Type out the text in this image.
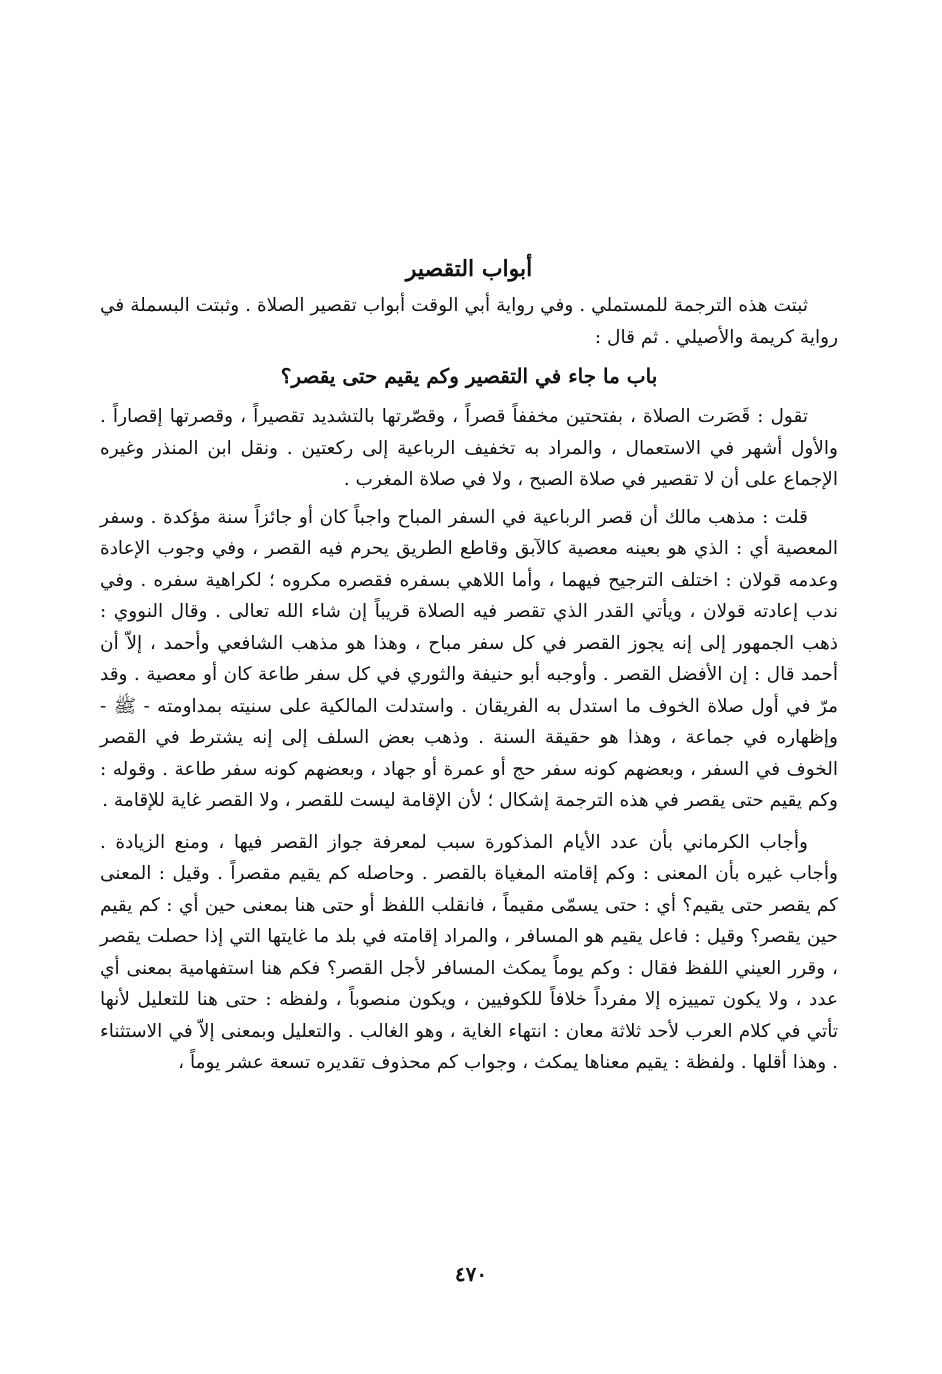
أبواب التقصير

ثبتت هذه الترجمة للمستملي . وفي رواية أبي الوقت أبواب تقصير الصلاة . وثبتت البسملة في رواية كريمة والأصيلي . ثم قال :

باب ما جاء في التقصير وكم يقيم حتى يقصر؟

تقول : قَصَرت الصلاة ، بفتحتين مخففاً قصراً ، وقصّرتها بالتشديد تقصيراً ، وقصرتها إقصاراً . والأول أشهر في الاستعمال ، والمراد به تخفيف الرباعية إلى ركعتين . ونقل ابن المنذر وغيره الإجماع على أن لا تقصير في صلاة الصبح ، ولا في صلاة المغرب .

قلت : مذهب مالك أن قصر الرباعية في السفر المباح واجباً كان أو جائزاً سنة مؤكدة . وسفر المعصية أي : الذي هو بعينه معصية كالآبق وقاطع الطريق يحرم فيه القصر ، وفي وجوب الإعادة وعدمه قولان : اختلف الترجيح فيهما ، وأما اللاهي بسفره فقصره مكروه ؛ لكراهية سفره . وفي ندب إعادته قولان ، ويأتي القدر الذي تقصر فيه الصلاة قريباً إن شاء الله تعالى . وقال النووي : ذهب الجمهور إلى إنه يجوز القصر في كل سفر مباح ، وهذا هو مذهب الشافعي وأحمد ، إلاّ أن أحمد قال : إن الأفضل القصر . وأوجبه أبو حنيفة والثوري في كل سفر طاعة كان أو معصية . وقد مرّ في أول صلاة الخوف ما استدل به الفريقان . واستدلت المالكية على سنيته بمداومته - ﷺ - وإظهاره في جماعة ، وهذا هو حقيقة السنة . وذهب بعض السلف إلى إنه يشترط في القصر الخوف في السفر ، وبعضهم كونه سفر حج أو عمرة أو جهاد ، وبعضهم كونه سفر طاعة . وقوله : وكم يقيم حتى يقصر في هذه الترجمة إشكال ؛ لأن الإقامة ليست للقصر ، ولا القصر غاية للإقامة .

وأجاب الكرماني بأن عدد الأيام المذكورة سبب لمعرفة جواز القصر فيها ، ومنع الزيادة . وأجاب غيره بأن المعنى : وكم إقامته المغياة بالقصر . وحاصله كم يقيم مقصراً . وقيل : المعنى كم يقصر حتى يقيم؟ أي : حتى يسمّى مقيماً ، فانقلب اللفظ أو حتى هنا بمعنى حين أي : كم يقيم حين يقصر؟ وقيل : فاعل يقيم هو المسافر ، والمراد إقامته في بلد ما غايتها التي إذا حصلت يقصر ، وقرر العيني اللفظ فقال : وكم يوماً يمكث المسافر لأجل القصر؟ فكم هنا استفهامية بمعنى أي عدد ، ولا يكون تمييزه إلا مفرداً خلافاً للكوفيين ، ويكون منصوباً ، ولفظه : حتى هنا للتعليل لأنها تأتي في كلام العرب لأحد ثلاثة معان : انتهاء الغاية ، وهو الغالب . والتعليل وبمعنى إلاّ في الاستثناء . وهذا أقلها . ولفظة : يقيم معناها يمكث ، وجواب كم محذوف تقديره تسعة عشر يوماً ،

٤٧٠
